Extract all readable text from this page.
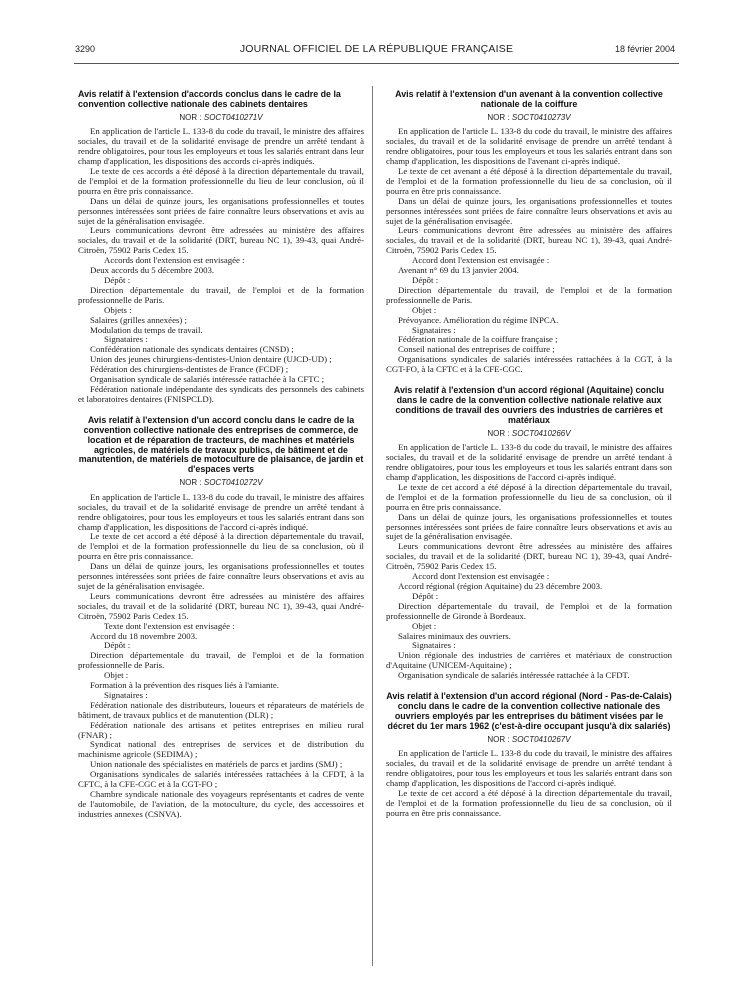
3290	JOURNAL OFFICIEL DE LA RÉPUBLIQUE FRANÇAISE	18 février 2004
Avis relatif à l'extension d'accords conclus dans le cadre de la convention collective nationale des cabinets dentaires
NOR : SOCT0410271V

En application de l'article L. 133-8 du code du travail, le ministre des affaires sociales, du travail et de la solidarité envisage de prendre un arrêté tendant à rendre obligatoires, pour tous les employeurs et tous les salariés entrant dans leur champ d'application, les dispositions des accords ci-après indiqués.

Le texte de ces accords a été déposé à la direction départementale du travail, de l'emploi et de la formation professionnelle du lieu de leur conclusion, où il pourra en être pris connaissance.

Dans un délai de quinze jours, les organisations professionnelles et toutes personnes intéressées sont priées de faire connaître leurs observations et avis au sujet de la généralisation envisagée.

Leurs communications devront être adressées au ministère des affaires sociales, du travail et de la solidarité (DRT, bureau NC 1), 39-43, quai André-Citroën, 75902 Paris Cedex 15.

Accords dont l'extension est envisagée :

Deux accords du 5 décembre 2003.

Dépôt :

Direction départementale du travail, de l'emploi et de la formation professionnelle de Paris.

Objets :

Salaires (grilles annexées) ;

Modulation du temps de travail.

Signataires :

Confédération nationale des syndicats dentaires (CNSD) ;

Union des jeunes chirurgiens-dentistes-Union dentaire (UJCD-UD) ;

Fédération des chirurgiens-dentistes de France (FCDF) ;

Organisation syndicale de salariés intéressée rattachée à la CFTC ;

Fédération nationale indépendante des syndicats des personnels des cabinets et laboratoires dentaires (FNISPCLD).

Avis relatif à l'extension d'un accord conclu dans le cadre de la convention collective nationale des entreprises de commerce, de location et de réparation de tracteurs, de machines et matériels agricoles, de matériels de travaux publics, de bâtiment et de manutention, de matériels de motoculture de plaisance, de jardin et d'espaces verts
NOR : SOCT0410272V

En application de l'article L. 133-8 du code du travail, le ministre des affaires sociales, du travail et de la solidarité envisage de prendre un arrêté tendant à rendre obligatoires, pour tous les employeurs et tous les salariés entrant dans son champ d'application, les dispositions de l'accord ci-après indiqué.

Le texte de cet accord a été déposé à la direction départementale du travail, de l'emploi et de la formation professionnelle du lieu de sa conclusion, où il pourra en être pris connaissance.

Dans un délai de quinze jours, les organisations professionnelles et toutes personnes intéressées sont priées de faire connaître leurs observations et avis au sujet de la généralisation envisagée.

Leurs communications devront être adressées au ministère des affaires sociales, du travail et de la solidarité (DRT, bureau NC 1), 39-43, quai André-Citroën, 75902 Paris Cedex 15.

Texte dont l'extension est envisagée :

Accord du 18 novembre 2003.

Dépôt :

Direction départementale du travail, de l'emploi et de la formation professionnelle de Paris.

Objet :

Formation à la prévention des risques liés à l'amiante.

Signataires :

Fédération nationale des distributeurs, loueurs et réparateurs de matériels de bâtiment, de travaux publics et de manutention (DLR) ;

Fédération nationale des artisans et petites entreprises en milieu rural (FNAR) ;

Syndicat national des entreprises de services et de distribution du machinisme agricole (SEDIMA) ;

Union nationale des spécialistes en matériels de parcs et jardins (SMJ) ;

Organisations syndicales de salariés intéressées rattachées à la CFDT, à la CFTC, à la CFE-CGC et à la CGT-FO ;

Chambre syndicale nationale des voyageurs représentants et cadres de vente de l'automobile, de l'aviation, de la motoculture, du cycle, des accessoires et industries annexes (CSNVA).

Avis relatif à l'extension d'un avenant à la convention collective nationale de la coiffure
NOR : SOCT0410273V

En application de l'article L. 133-8 du code du travail, le ministre des affaires sociales, du travail et de la solidarité envisage de prendre un arrêté tendant à rendre obligatoires, pour tous les employeurs et tous les salariés entrant dans son champ d'application, les dispositions de l'avenant ci-après indiqué.

Le texte de cet avenant a été déposé à la direction départementale du travail, de l'emploi et de la formation professionnelle du lieu de sa conclusion, où il pourra en être pris connaissance.

Dans un délai de quinze jours, les organisations professionnelles et toutes personnes intéressées sont priées de faire connaître leurs observations et avis au sujet de la généralisation envisagée.

Leurs communications devront être adressées au ministère des affaires sociales, du travail et de la solidarité (DRT, bureau NC 1), 39-43, quai André-Citroën, 75902 Paris Cedex 15.

Accord dont l'extension est envisagée :

Avenant n° 69 du 13 janvier 2004.

Dépôt :

Direction départementale du travail, de l'emploi et de la formation professionnelle de Paris.

Objet :

Prévoyance. Amélioration du régime INPCA.

Signataires :

Fédération nationale de la coiffure française ;

Conseil national des entreprises de coiffure ;

Organisations syndicales de salariés intéressées rattachées à la CGT, à la CGT-FO, à la CFTC et à la CFE-CGC.

Avis relatif à l'extension d'un accord régional (Aquitaine) conclu dans le cadre de la convention collective nationale relative aux conditions de travail des ouvriers des industries de carrières et matériaux
NOR : SOCT0410266V

En application de l'article L. 133-8 du code du travail, le ministre des affaires sociales, du travail et de la solidarité envisage de prendre un arrêté tendant à rendre obligatoires, pour tous les employeurs et tous les salariés entrant dans son champ d'application, les dispositions de l'accord ci-après indiqué.

Le texte de cet accord a été déposé à la direction départementale du travail, de l'emploi et de la formation professionnelle du lieu de sa conclusion, où il pourra en être pris connaissance.

Dans un délai de quinze jours, les organisations professionnelles et toutes personnes intéressées sont priées de faire connaître leurs observations et avis au sujet de la généralisation envisagée.

Leurs communications devront être adressées au ministère des affaires sociales, du travail et de la solidarité (DRT, bureau NC 1), 39-43, quai André-Citroën, 75902 Paris Cedex 15.

Accord dont l'extension est envisagée :

Accord régional (région Aquitaine) du 23 décembre 2003.

Dépôt :

Direction départementale du travail, de l'emploi et de la formation professionnelle de Gironde à Bordeaux.

Objet :

Salaires minimaux des ouvriers.

Signataires :

Union régionale des industries de carrières et matériaux de construction d'Aquitaine (UNICEM-Aquitaine) ;

Organisation syndicale de salariés intéressée rattachée à la CFDT.

Avis relatif à l'extension d'un accord régional (Nord - Pas-de-Calais) conclu dans le cadre de la convention collective nationale des ouvriers employés par les entreprises du bâtiment visées par le décret du 1er mars 1962 (c'est-à-dire occupant jusqu'à dix salariés)
NOR : SOCT0410267V

En application de l'article L. 133-8 du code du travail, le ministre des affaires sociales, du travail et de la solidarité envisage de prendre un arrêté tendant à rendre obligatoires, pour tous les employeurs et tous les salariés entrant dans son champ d'application, les dispositions de l'accord ci-après indiqué.

Le texte de cet accord a été déposé à la direction départementale du travail, de l'emploi et de la formation professionnelle du lieu de sa conclusion, où il pourra en être pris connaissance.
